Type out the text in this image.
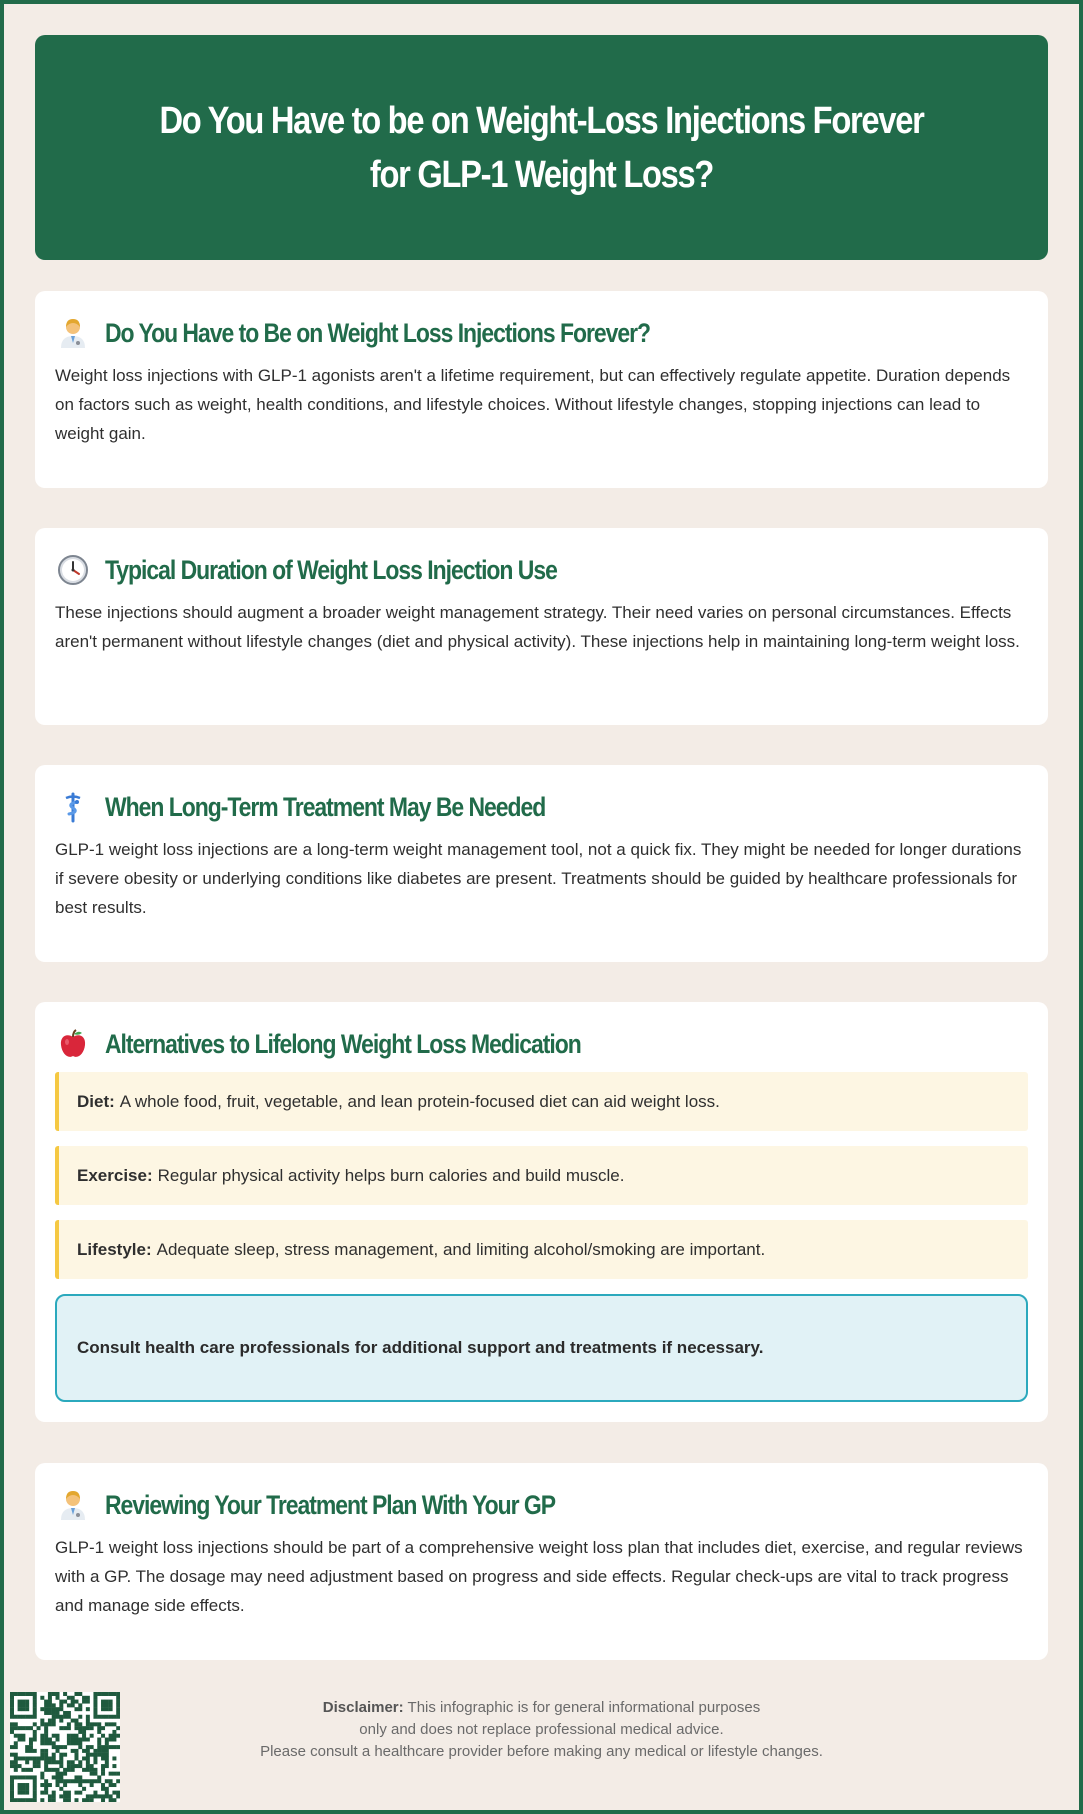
Do You Have to be on Weight-Loss Injections Forever for GLP-1 Weight Loss?
Do You Have to Be on Weight Loss Injections Forever?

Weight loss injections with GLP-1 agonists aren't a lifetime requirement, but can effectively regulate appetite. Duration depends on factors such as weight, health conditions, and lifestyle choices. Without lifestyle changes, stopping injections can lead to weight gain.

Typical Duration of Weight Loss Injection Use

These injections should augment a broader weight management strategy. Their need varies on personal circumstances. Effects aren't permanent without lifestyle changes (diet and physical activity). These injections help in maintaining long-term weight loss.

When Long-Term Treatment May Be Needed

GLP-1 weight loss injections are a long-term weight management tool, not a quick fix. They might be needed for longer durations if severe obesity or underlying conditions like diabetes are present. Treatments should be guided by healthcare professionals for best results.

Alternatives to Lifelong Weight Loss Medication
Diet: A whole food, fruit, vegetable, and lean protein-focused diet can aid weight loss.
Exercise: Regular physical activity helps burn calories and build muscle.
Lifestyle: Adequate sleep, stress management, and limiting alcohol/smoking are important.
Consult health care professionals for additional support and treatments if necessary.
Reviewing Your Treatment Plan With Your GP

GLP-1 weight loss injections should be part of a comprehensive weight loss plan that includes diet, exercise, and regular reviews with a GP. The dosage may need adjustment based on progress and side effects. Regular check-ups are vital to track progress and manage side effects.

Disclaimer: This infographic is for general informational purposes
only and does not replace professional medical advice.
Please consult a healthcare provider before making any medical or lifestyle changes.
